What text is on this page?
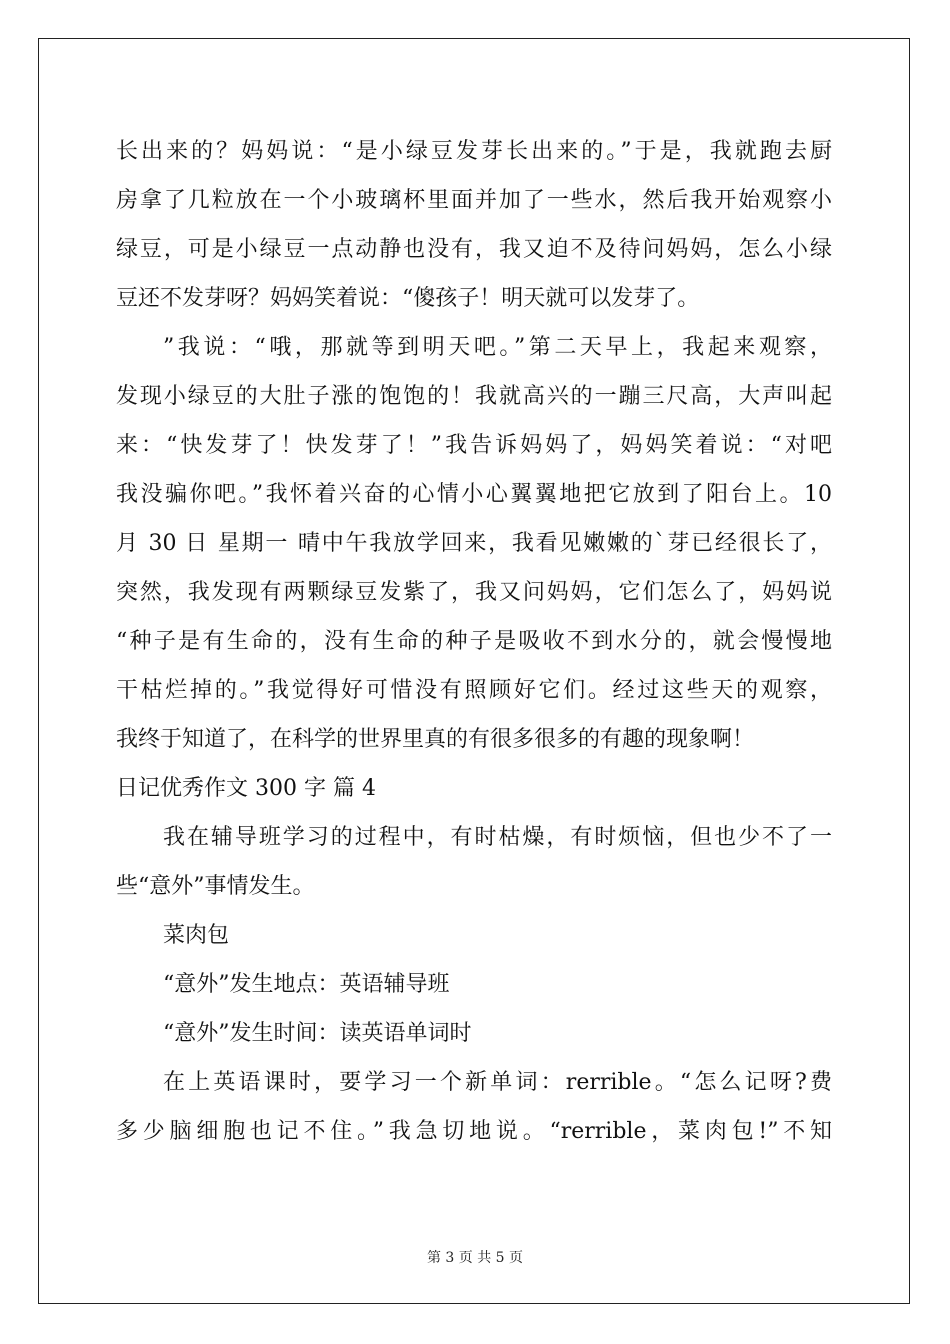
长出来的？妈妈说：“是小绿豆发芽长出来的。”于是，我就跑去厨
房拿了几粒放在一个小玻璃杯里面并加了一些水，然后我开始观察小
绿豆，可是小绿豆一点动静也没有，我又迫不及待问妈妈，怎么小绿
豆还不发芽呀？妈妈笑着说：“傻孩子！明天就可以发芽了。
”我说：“哦，那就等到明天吧。”第二天早上，我起来观察，
发现小绿豆的大肚子涨的饱饱的！我就高兴的一蹦三尺高，大声叫起
来：“快发芽了！快发芽了！”我告诉妈妈了，妈妈笑着说：“对吧
我没骗你吧。”我怀着兴奋的心情小心翼翼地把它放到了阳台上。10
月 30 日 星期一 晴中午我放学回来，我看见嫩嫩的`芽已经很长了，
突然，我发现有两颗绿豆发紫了，我又问妈妈，它们怎么了，妈妈说
“种子是有生命的，没有生命的种子是吸收不到水分的，就会慢慢地
干枯烂掉的。”我觉得好可惜没有照顾好它们。经过这些天的观察，
我终于知道了，在科学的世界里真的有很多很多的有趣的现象啊！
日记优秀作文 300 字 篇 4
我在辅导班学习的过程中，有时枯燥，有时烦恼，但也少不了一
些“意外”事情发生。
菜肉包
“意外”发生地点：英语辅导班
“意外”发生时间：读英语单词时
在上英语课时，要学习一个新单词：rerrible。“怎么记呀?费
多少脑细胞也记不住。”我急切地说。“rerrible，菜肉包!”不知
第 3 页 共 5 页
